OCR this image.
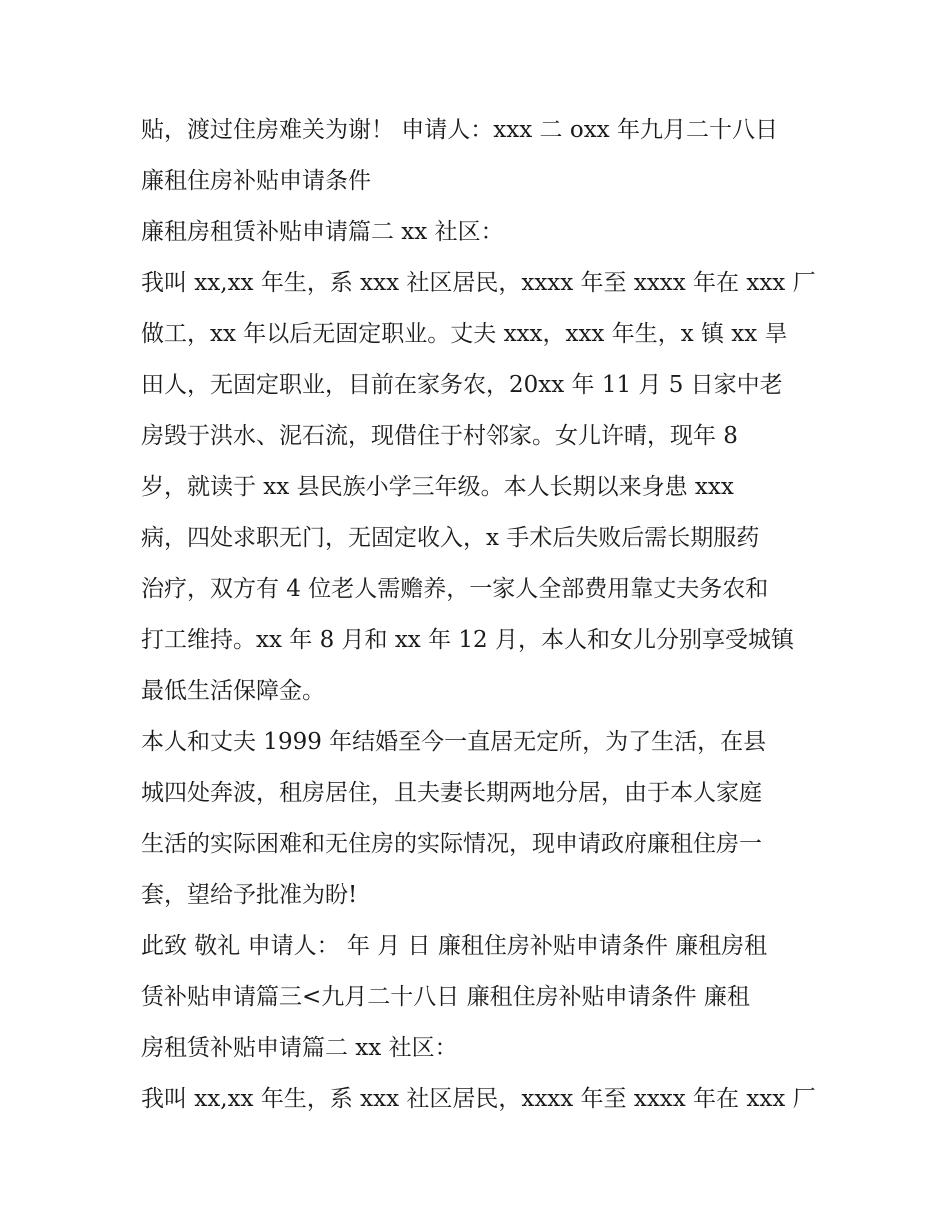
贴，渡过住房难关为谢！ 申请人：xxx 二 oxx 年九月二十八日
廉租住房补贴申请条件
廉租房租赁补贴申请篇二 xx 社区：
我叫 xx,xx 年生，系 xxx 社区居民，xxxx 年至 xxxx 年在 xxx 厂
做工，xx 年以后无固定职业。丈夫 xxx，xxx 年生，x 镇 xx 旱
田人，无固定职业，目前在家务农，20xx 年 11 月 5 日家中老
房毁于洪水、泥石流，现借住于村邻家。女儿许晴，现年 8
岁，就读于 xx 县民族小学三年级。本人长期以来身患 xxx
病，四处求职无门，无固定收入，x 手术后失败后需长期服药
治疗，双方有 4 位老人需赡养，一家人全部费用靠丈夫务农和
打工维持。xx 年 8 月和 xx 年 12 月，本人和女儿分别享受城镇
最低生活保障金。
本人和丈夫 1999 年结婚至今一直居无定所，为了生活，在县
城四处奔波，租房居住，且夫妻长期两地分居，由于本人家庭
生活的实际困难和无住房的实际情况，现申请政府廉租住房一
套，望给予批准为盼!
此致 敬礼 申请人： 年 月 日 廉租住房补贴申请条件 廉租房租
赁补贴申请篇三<九月二十八日 廉租住房补贴申请条件 廉租
房租赁补贴申请篇二 xx 社区：
我叫 xx,xx 年生，系 xxx 社区居民，xxxx 年至 xxxx 年在 xxx 厂
